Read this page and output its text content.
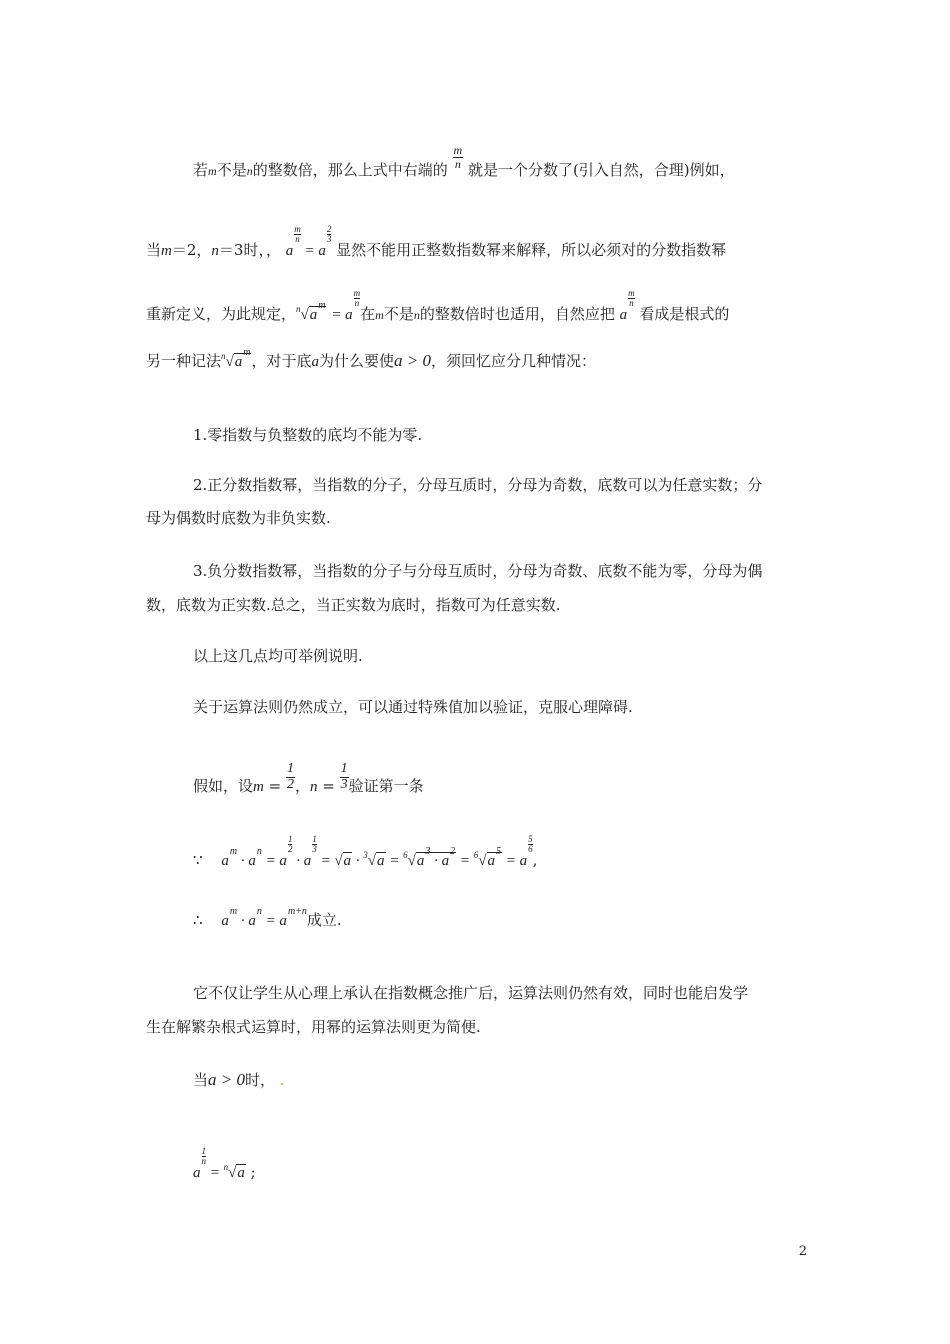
若m不是n的整数倍，那么上式中右端的 $\frac{m}{n}$ 就是一个分数了(引入自然，合理)例如，
当m＝2，n＝3时，， a
$\frac{m}{n}$
= a
$\frac{2}{3}$
显然不能用正整数指数幂来解释，所以必须对的分数指数幂
重新定义，为此规定，$^n√a^m = a$
$\frac{m}{n}$
在m不是n的整数倍时也适用，自然应把 a
$\frac{m}{n}$
看成是根式的
另一种记法$^n√a^m$，对于底a为什么要使a > 0，须回忆应分几种情况：
1.零指数与负整数的底均不能为零.
2.正分数指数幂，当指数的分子，分母互质时，分母为奇数，底数可以为任意实数；分
母为偶数时底数为非负实数.
3.负分数指数幂，当指数的分子与分母互质时，分母为奇数、底数不能为零，分母为偶
数，底数为正实数.总之，当正实数为底时，指数可为任意实数.
以上这几点均可举例说明.
关于运算法则仍然成立，可以通过特殊值加以验证，克服心理障碍.
假如，设$m = \frac{1}{2}$ ，$n = \frac{1}{3}$ 验证第一条
∵ $a^m \cdot a^n = a$
$\frac{1}{2}$
· a
$\frac{1}{3}$
= $√a \cdot ^3√a = ^6√a^3 \cdot a^2 = ^6√a^5 = a$
$\frac{5}{6}$
,
∴ $a^m \cdot a^n = a^{m+n}$成立.
它不仅让学生从心理上承认在指数概念推广后，运算法则仍然有效，同时也能启发学
生在解繁杂根式运算时，用幂的运算法则更为简便.
当a > 0时， .
a
$\frac{1}{n}$
= $^n$√a ;
2
